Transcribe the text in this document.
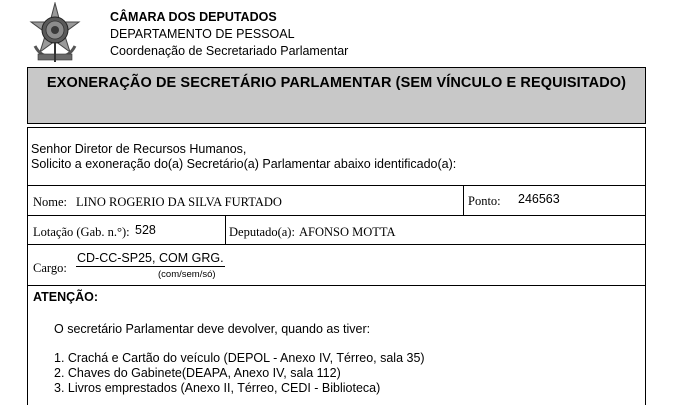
CÂMARA DOS DEPUTADOS
DEPARTAMENTO DE PESSOAL
Coordenação de Secretariado Parlamentar
EXONERAÇÃO DE SECRETÁRIO PARLAMENTAR (SEM VÍNCULO E REQUISITADO)
Senhor Diretor de Recursos Humanos,
Solicito a exoneração do(a) Secretário(a) Parlamentar abaixo identificado(a):
Nome: LINO ROGERIO DA SILVA FURTADO	Ponto: 246563
Lotação (Gab. n.°): 528	Deputado(a): AFONSO MOTTA
Cargo:
CD-CC-SP25, COM GRG.
(com/sem/só)
ATENÇÃO:
O secretário Parlamentar deve devolver, quando as tiver:
1. Crachá e Cartão do veículo (DEPOL - Anexo IV, Térreo, sala 35)
2. Chaves do Gabinete(DEAPA, Anexo IV, sala 112)
3. Livros emprestados (Anexo II, Térreo, CEDI - Biblioteca)
